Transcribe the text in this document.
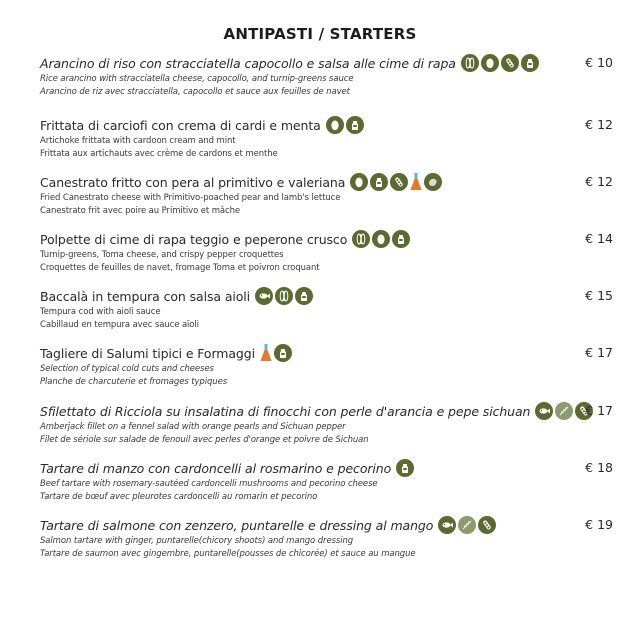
ANTIPASTI / STARTERS
Arancino di riso con stracciatella capocollo e salsa alle cime di rapa	€ 10
Rice arancino with stracciatella cheese, capocollo, and turnip-greens sauce
Arancino de riz avec stracciatella, capocollo et sauce aux feuilles de navet
Frittata di carciofi con crema di cardi e menta	€ 12
Artichoke frittata with cardoon cream and mint
Frittata aux artichauts avec crème de cardons et menthe
Canestrato fritto con pera al primitivo e valeriana	€ 12
Fried Canestrato cheese with Primitivo-poached pear and lamb's lettuce
Canestrato frit avec poire au Primitivo et mâche
Polpette di cime di rapa teggio e peperone crusco	€ 14
Turnip-greens, Toma cheese, and crispy pepper croquettes
Croquettes de feuilles de navet, fromage Toma et poivron croquant
Baccalà in tempura con salsa aioli	€ 15
Tempura cod with aioli sauce
Cabillaud en tempura avec sauce aïoli
Tagliere di Salumi tipici e Formaggi	€ 17
Selection of typical cold cuts and cheeses
Planche de charcuterie et fromages typiques
Sfilettato di Ricciola su insalatina di finocchi con perle d'arancia e pepe sichuan	€ 17
Amberjack fillet on a fennel salad with orange pearls and Sichuan pepper
Filet de sériole sur salade de fenouil avec perles d'orange et poivre de Sichuan
Tartare di manzo con cardoncelli al rosmarino e pecorino	€ 18
Beef tartare with rosemary-sautéed cardoncelli mushrooms and pecorino cheese
Tartare de bœuf avec pleurotes cardoncelli au romarin et pecorino
Tartare di salmone con zenzero, puntarelle e dressing al mango	€ 19
Salmon tartare with ginger, puntarelle(chicory shoots) and mango dressing
Tartare de saumon avec gingembre, puntarelle(pousses de chicorée) et sauce au mangue
